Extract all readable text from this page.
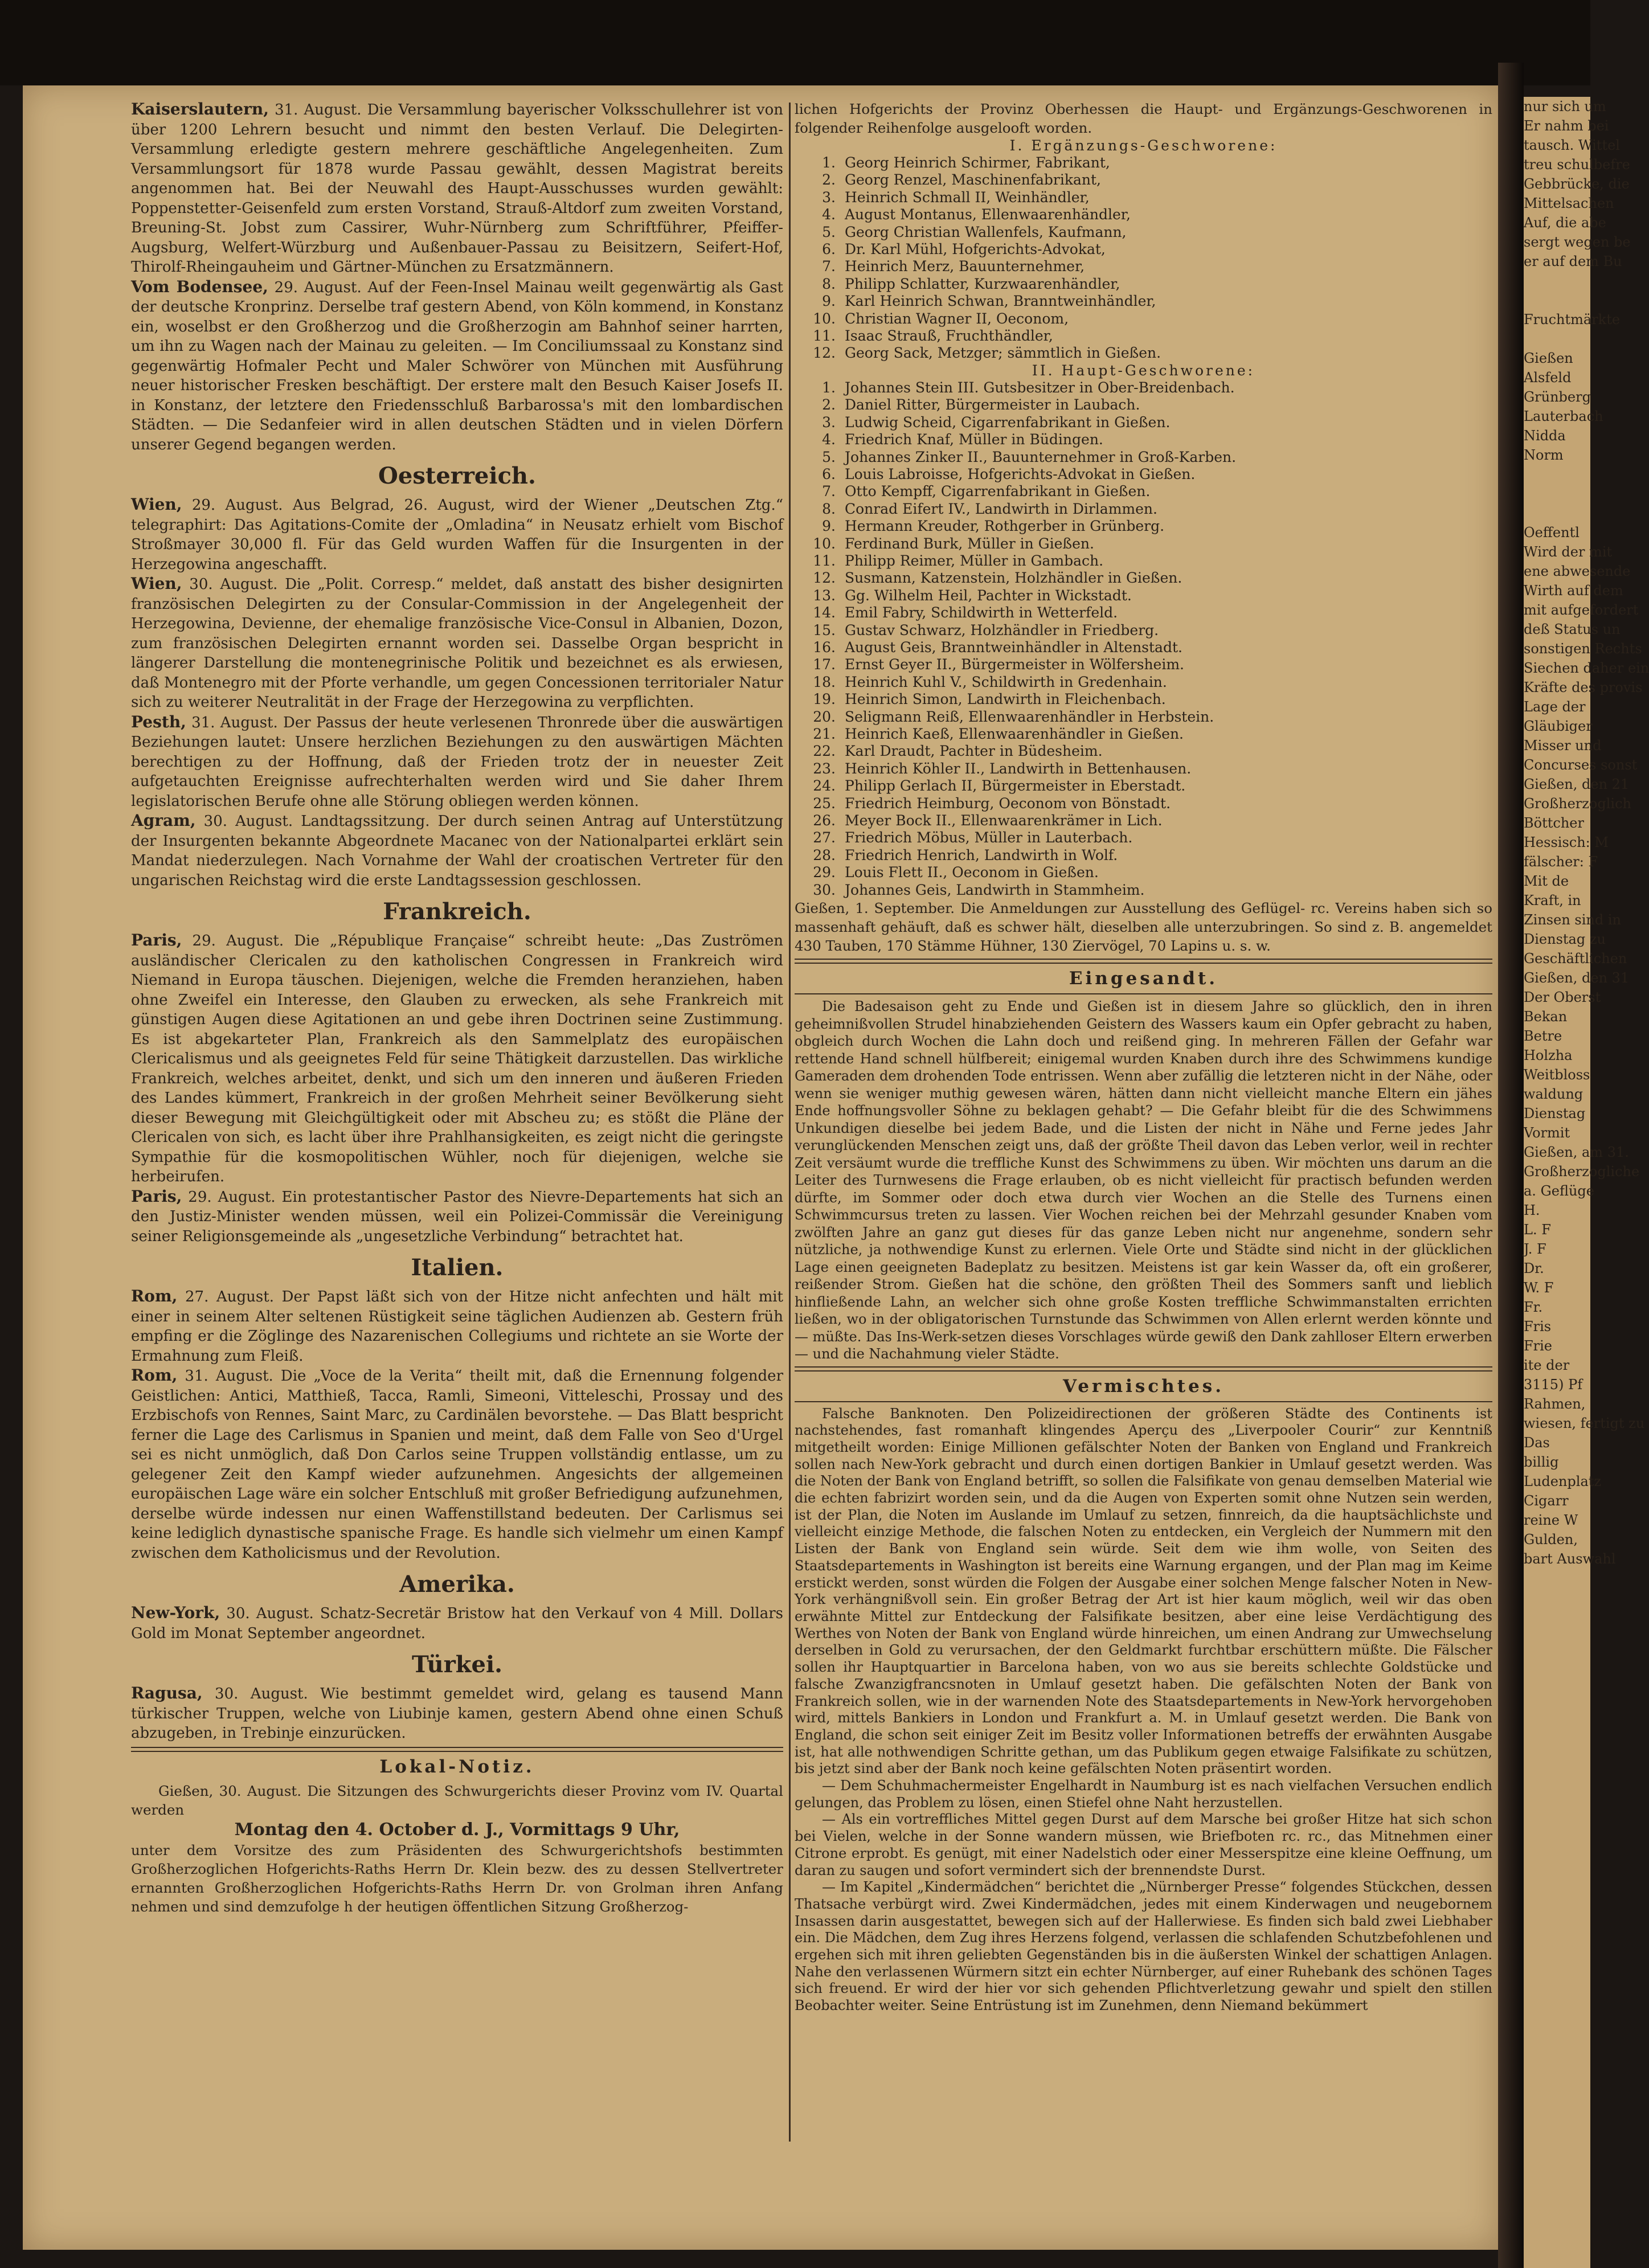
nur sich um

Er nahm bei

tausch. Wittel

treu schulbefre

Gebbrücke, die

Mittelsachen

Auf, die abe

sergt wegen be

er auf dem Bu

Fruchtmärkte

Gießen

Alsfeld

Grünberg

Lauterbach

Nidda

Norm

Oeffentl

Wird der mit

ene abwesende

Wirth auf dem

mit aufgefordert

deß Status un

sonstigen Rechts

Siechen daher ein

Kräfte des provis

Lage der

Gläubiger

Misser und

Concurses sonst

Gießen, den 21

Großherzoglich

Böttcher

Hessisch: M

fälscher: F

Mit de

Kraft, in

Zinsen sind in

Dienstag zu

Geschäftlichen

Gießen, den 31

Der Oberst

Bekan

Betre

Holzha

Weitbloss

waldung

Dienstag

Vormit

Gießen, am 31.

Großherzogliche

a. Geflüge

H.

L. F

J. F

Dr.

W. F

Fr.

Fris

Frie

ite der

3115) Pf

Rahmen,

wiesen, fertigt zu

Das

billig

Ludenplatz

Cigarr

reine W

Gulden,

bart Auswahl

Kaiserslautern, 31. August. Die Versammlung bayerischer Volksschullehrer ist von über 1200 Lehrern besucht und nimmt den besten Verlauf. Die Delegirten-Versammlung erledigte gestern mehrere geschäftliche Angelegenheiten. Zum Versammlungsort für 1878 wurde Passau gewählt, dessen Magistrat bereits angenommen hat. Bei der Neuwahl des Haupt-Ausschusses wurden gewählt: Poppenstetter-Geisenfeld zum ersten Vorstand, Strauß-Altdorf zum zweiten Vorstand, Breuning-St. Jobst zum Cassirer, Wuhr-Nürnberg zum Schriftführer, Pfeiffer-Augsburg, Welfert-Würzburg und Außenbauer-Passau zu Beisitzern, Seifert-Hof, Thirolf-Rheingauheim und Gärtner-München zu Ersatzmännern.

Vom Bodensee, 29. August. Auf der Feen-Insel Mainau weilt gegenwärtig als Gast der deutsche Kronprinz. Derselbe traf gestern Abend, von Köln kommend, in Konstanz ein, woselbst er den Großherzog und die Großherzogin am Bahnhof seiner harrten, um ihn zu Wagen nach der Mainau zu geleiten. — Im Conciliumssaal zu Konstanz sind gegenwärtig Hofmaler Pecht und Maler Schwörer von München mit Ausführung neuer historischer Fresken beschäftigt. Der erstere malt den Besuch Kaiser Josefs II. in Konstanz, der letztere den Friedensschluß Barbarossa's mit den lombardischen Städten. — Die Sedanfeier wird in allen deutschen Städten und in vielen Dörfern unserer Gegend begangen werden.

Oesterreich.

Wien, 29. August. Aus Belgrad, 26. August, wird der Wiener „Deutschen Ztg.“ telegraphirt: Das Agitations-Comite der „Omladina“ in Neusatz erhielt vom Bischof Stroßmayer 30,000 fl. Für das Geld wurden Waffen für die Insurgenten in der Herzegowina angeschafft.

Wien, 30. August. Die „Polit. Corresp.“ meldet, daß anstatt des bisher designirten französischen Delegirten zu der Consular-Commission in der Angelegenheit der Herzegowina, Devienne, der ehemalige französische Vice-Consul in Albanien, Dozon, zum französischen Delegirten ernannt worden sei. Dasselbe Organ bespricht in längerer Darstellung die montenegrinische Politik und bezeichnet es als erwiesen, daß Montenegro mit der Pforte verhandle, um gegen Concessionen territorialer Natur sich zu weiterer Neutralität in der Frage der Herzegowina zu verpflichten.

Pesth, 31. August. Der Passus der heute verlesenen Thronrede über die auswärtigen Beziehungen lautet: Unsere herzlichen Beziehungen zu den auswärtigen Mächten berechtigen zu der Hoffnung, daß der Frieden trotz der in neuester Zeit aufgetauchten Ereignisse aufrechterhalten werden wird und Sie daher Ihrem legislatorischen Berufe ohne alle Störung obliegen werden können.

Agram, 30. August. Landtagssitzung. Der durch seinen Antrag auf Unterstützung der Insurgenten bekannte Abgeordnete Macanec von der Nationalpartei erklärt sein Mandat niederzulegen. Nach Vornahme der Wahl der croatischen Vertreter für den ungarischen Reichstag wird die erste Landtagssession geschlossen.

Frankreich.

Paris, 29. August. Die „République Française“ schreibt heute: „Das Zuströmen ausländischer Clericalen zu den katholischen Congressen in Frankreich wird Niemand in Europa täuschen. Diejenigen, welche die Fremden heranziehen, haben ohne Zweifel ein Interesse, den Glauben zu erwecken, als sehe Frankreich mit günstigen Augen diese Agitationen an und gebe ihren Doctrinen seine Zustimmung. Es ist abgekarteter Plan, Frankreich als den Sammelplatz des europäischen Clericalismus und als geeignetes Feld für seine Thätigkeit darzustellen. Das wirkliche Frankreich, welches arbeitet, denkt, und sich um den inneren und äußeren Frieden des Landes kümmert, Frankreich in der großen Mehrheit seiner Bevölkerung sieht dieser Bewegung mit Gleichgültigkeit oder mit Abscheu zu; es stößt die Pläne der Clericalen von sich, es lacht über ihre Prahlhansigkeiten, es zeigt nicht die geringste Sympathie für die kosmopolitischen Wühler, noch für diejenigen, welche sie herbeirufen.

Paris, 29. August. Ein protestantischer Pastor des Nievre-Departements hat sich an den Justiz-Minister wenden müssen, weil ein Polizei-Commissär die Vereinigung seiner Religionsgemeinde als „ungesetzliche Verbindung“ betrachtet hat.

Italien.

Rom, 27. August. Der Papst läßt sich von der Hitze nicht anfechten und hält mit einer in seinem Alter seltenen Rüstigkeit seine täglichen Audienzen ab. Gestern früh empfing er die Zöglinge des Nazarenischen Collegiums und richtete an sie Worte der Ermahnung zum Fleiß.

Rom, 31. August. Die „Voce de la Verita“ theilt mit, daß die Ernennung folgender Geistlichen: Antici, Matthieß, Tacca, Ramli, Simeoni, Vitteleschi, Prossay und des Erzbischofs von Rennes, Saint Marc, zu Cardinälen bevorstehe. — Das Blatt bespricht ferner die Lage des Carlismus in Spanien und meint, daß dem Falle von Seo d'Urgel sei es nicht unmöglich, daß Don Carlos seine Truppen vollständig entlasse, um zu gelegener Zeit den Kampf wieder aufzunehmen. Angesichts der allgemeinen europäischen Lage wäre ein solcher Entschluß mit großer Befriedigung aufzunehmen, derselbe würde indessen nur einen Waffenstillstand bedeuten. Der Carlismus sei keine lediglich dynastische spanische Frage. Es handle sich vielmehr um einen Kampf zwischen dem Katholicismus und der Revolution.

Amerika.

New-York, 30. August. Schatz-Secretär Bristow hat den Verkauf von 4 Mill. Dollars Gold im Monat September angeordnet.

Türkei.

Ragusa, 30. August. Wie bestimmt gemeldet wird, gelang es tausend Mann türkischer Truppen, welche von Liubinje kamen, gestern Abend ohne einen Schuß abzugeben, in Trebinje einzurücken.

Lokal-Notiz.

Gießen, 30. August. Die Sitzungen des Schwurgerichts dieser Provinz vom IV. Quartal werden

Montag den 4. October d. J., Vormittags 9 Uhr,

unter dem Vorsitze des zum Präsidenten des Schwurgerichtshofs bestimmten Großherzoglichen Hofgerichts-Raths Herrn Dr. Klein bezw. des zu dessen Stellvertreter ernannten Großherzoglichen Hofgerichts-Raths Herrn Dr. von Grolman ihren Anfang nehmen und sind demzufolge h der heutigen öffentlichen Sitzung Großherzog-

lichen Hofgerichts der Provinz Oberhessen die Haupt- und Ergänzungs-Geschworenen in folgender Reihenfolge ausgelooft worden.

I. Ergänzungs-Geschworene:
1. Georg Heinrich Schirmer, Fabrikant,
2. Georg Renzel, Maschinenfabrikant,
3. Heinrich Schmall II, Weinhändler,
4. August Montanus, Ellenwaarenhändler,
5. Georg Christian Wallenfels, Kaufmann,
6. Dr. Karl Mühl, Hofgerichts-Advokat,
7. Heinrich Merz, Bauunternehmer,
8. Philipp Schlatter, Kurzwaarenhändler,
9. Karl Heinrich Schwan, Branntweinhändler,
10. Christian Wagner II, Oeconom,
11. Isaac Strauß, Fruchthändler,
12. Georg Sack, Metzger; sämmtlich in Gießen.
II. Haupt-Geschworene:
1. Johannes Stein III. Gutsbesitzer in Ober-Breidenbach.
2. Daniel Ritter, Bürgermeister in Laubach.
3. Ludwig Scheid, Cigarrenfabrikant in Gießen.
4. Friedrich Knaf, Müller in Büdingen.
5. Johannes Zinker II., Bauunternehmer in Groß-Karben.
6. Louis Labroisse, Hofgerichts-Advokat in Gießen.
7. Otto Kempff, Cigarrenfabrikant in Gießen.
8. Conrad Eifert IV., Landwirth in Dirlammen.
9. Hermann Kreuder, Rothgerber in Grünberg.
10. Ferdinand Burk, Müller in Gießen.
11. Philipp Reimer, Müller in Gambach.
12. Susmann, Katzenstein, Holzhändler in Gießen.
13. Gg. Wilhelm Heil, Pachter in Wickstadt.
14. Emil Fabry, Schildwirth in Wetterfeld.
15. Gustav Schwarz, Holzhändler in Friedberg.
16. August Geis, Branntweinhändler in Altenstadt.
17. Ernst Geyer II., Bürgermeister in Wölfersheim.
18. Heinrich Kuhl V., Schildwirth in Gredenhain.
19. Heinrich Simon, Landwirth in Fleichenbach.
20. Seligmann Reiß, Ellenwaarenhändler in Herbstein.
21. Heinrich Kaeß, Ellenwaarenhändler in Gießen.
22. Karl Draudt, Pachter in Büdesheim.
23. Heinrich Köhler II., Landwirth in Bettenhausen.
24. Philipp Gerlach II, Bürgermeister in Eberstadt.
25. Friedrich Heimburg, Oeconom von Bönstadt.
26. Meyer Bock II., Ellenwaarenkrämer in Lich.
27. Friedrich Möbus, Müller in Lauterbach.
28. Friedrich Henrich, Landwirth in Wolf.
29. Louis Flett II., Oeconom in Gießen.
30. Johannes Geis, Landwirth in Stammheim.

Gießen, 1. September. Die Anmeldungen zur Ausstellung des Geflügel- rc. Vereins haben sich so massenhaft gehäuft, daß es schwer hält, dieselben alle unterzubringen. So sind z. B. angemeldet 430 Tauben, 170 Stämme Hühner, 130 Ziervögel, 70 Lapins u. s. w.

Eingesandt.

Die Badesaison geht zu Ende und Gießen ist in diesem Jahre so glücklich, den in ihren geheimnißvollen Strudel hinabziehenden Geistern des Wassers kaum ein Opfer gebracht zu haben, obgleich durch Wochen die Lahn doch und reißend ging. In mehreren Fällen der Gefahr war rettende Hand schnell hülfbereit; einigemal wurden Knaben durch ihre des Schwimmens kundige Gameraden dem drohenden Tode entrissen. Wenn aber zufällig die letzteren nicht in der Nähe, oder wenn sie weniger muthig gewesen wären, hätten dann nicht vielleicht manche Eltern ein jähes Ende hoffnungsvoller Söhne zu beklagen gehabt? — Die Gefahr bleibt für die des Schwimmens Unkundigen dieselbe bei jedem Bade, und die Listen der nicht in Nähe und Ferne jedes Jahr verunglückenden Menschen zeigt uns, daß der größte Theil davon das Leben verlor, weil in rechter Zeit versäumt wurde die treffliche Kunst des Schwimmens zu üben. Wir möchten uns darum an die Leiter des Turnwesens die Frage erlauben, ob es nicht vielleicht für practisch befunden werden dürfte, im Sommer oder doch etwa durch vier Wochen an die Stelle des Turnens einen Schwimmcursus treten zu lassen. Vier Wochen reichen bei der Mehrzahl gesunder Knaben vom zwölften Jahre an ganz gut dieses für das ganze Leben nicht nur angenehme, sondern sehr nützliche, ja nothwendige Kunst zu erlernen. Viele Orte und Städte sind nicht in der glücklichen Lage einen geeigneten Badeplatz zu besitzen. Meistens ist gar kein Wasser da, oft ein großerer, reißender Strom. Gießen hat die schöne, den größten Theil des Sommers sanft und lieblich hinfließende Lahn, an welcher sich ohne große Kosten treffliche Schwimmanstalten errichten ließen, wo in der obligatorischen Turnstunde das Schwimmen von Allen erlernt werden könnte und — müßte. Das Ins-Werk-setzen dieses Vorschlages würde gewiß den Dank zahlloser Eltern erwerben — und die Nachahmung vieler Städte.

Vermischtes.

Falsche Banknoten. Den Polizeidirectionen der größeren Städte des Continents ist nachstehendes, fast romanhaft klingendes Aperçu des „Liverpooler Courir“ zur Kenntniß mitgetheilt worden: Einige Millionen gefälschter Noten der Banken von England und Frankreich sollen nach New-York gebracht und durch einen dortigen Bankier in Umlauf gesetzt werden. Was die Noten der Bank von England betrifft, so sollen die Falsifikate von genau demselben Material wie die echten fabrizirt worden sein, und da die Augen von Experten somit ohne Nutzen sein werden, ist der Plan, die Noten im Auslande im Umlauf zu setzen, finnreich, da die hauptsächlichste und vielleicht einzige Methode, die falschen Noten zu entdecken, ein Vergleich der Nummern mit den Listen der Bank von England sein würde. Seit dem wie ihm wolle, von Seiten des Staatsdepartements in Washington ist bereits eine Warnung ergangen, und der Plan mag im Keime erstickt werden, sonst würden die Folgen der Ausgabe einer solchen Menge falscher Noten in New-York verhängnißvoll sein. Ein großer Betrag der Art ist hier kaum möglich, weil wir das oben erwähnte Mittel zur Entdeckung der Falsifikate besitzen, aber eine leise Verdächtigung des Werthes von Noten der Bank von England würde hinreichen, um einen Andrang zur Umwechselung derselben in Gold zu verursachen, der den Geldmarkt furchtbar erschüttern müßte. Die Fälscher sollen ihr Hauptquartier in Barcelona haben, von wo aus sie bereits schlechte Goldstücke und falsche Zwanzigfrancsnoten in Umlauf gesetzt haben. Die gefälschten Noten der Bank von Frankreich sollen, wie in der warnenden Note des Staatsdepartements in New-York hervorgehoben wird, mittels Bankiers in London und Frankfurt a. M. in Umlauf gesetzt werden. Die Bank von England, die schon seit einiger Zeit im Besitz voller Informationen betreffs der erwähnten Ausgabe ist, hat alle nothwendigen Schritte gethan, um das Publikum gegen etwaige Falsifikate zu schützen, bis jetzt sind aber der Bank noch keine gefälschten Noten präsentirt worden.

— Dem Schuhmachermeister Engelhardt in Naumburg ist es nach vielfachen Versuchen endlich gelungen, das Problem zu lösen, einen Stiefel ohne Naht herzustellen.

— Als ein vortreffliches Mittel gegen Durst auf dem Marsche bei großer Hitze hat sich schon bei Vielen, welche in der Sonne wandern müssen, wie Briefboten rc. rc., das Mitnehmen einer Citrone erprobt. Es genügt, mit einer Nadelstich oder einer Messerspitze eine kleine Oeffnung, um daran zu saugen und sofort vermindert sich der brennendste Durst.

— Im Kapitel „Kindermädchen“ berichtet die „Nürnberger Presse“ folgendes Stückchen, dessen Thatsache verbürgt wird. Zwei Kindermädchen, jedes mit einem Kinderwagen und neugebornem Insassen darin ausgestattet, bewegen sich auf der Hallerwiese. Es finden sich bald zwei Liebhaber ein. Die Mädchen, dem Zug ihres Herzens folgend, verlassen die schlafenden Schutzbefohlenen und ergehen sich mit ihren geliebten Gegenständen bis in die äußersten Winkel der schattigen Anlagen. Nahe den verlassenen Würmern sitzt ein echter Nürnberger, auf einer Ruhebank des schönen Tages sich freuend. Er wird der hier vor sich gehenden Pflichtverletzung gewahr und spielt den stillen Beobachter weiter. Seine Entrüstung ist im Zunehmen, denn Niemand bekümmert
